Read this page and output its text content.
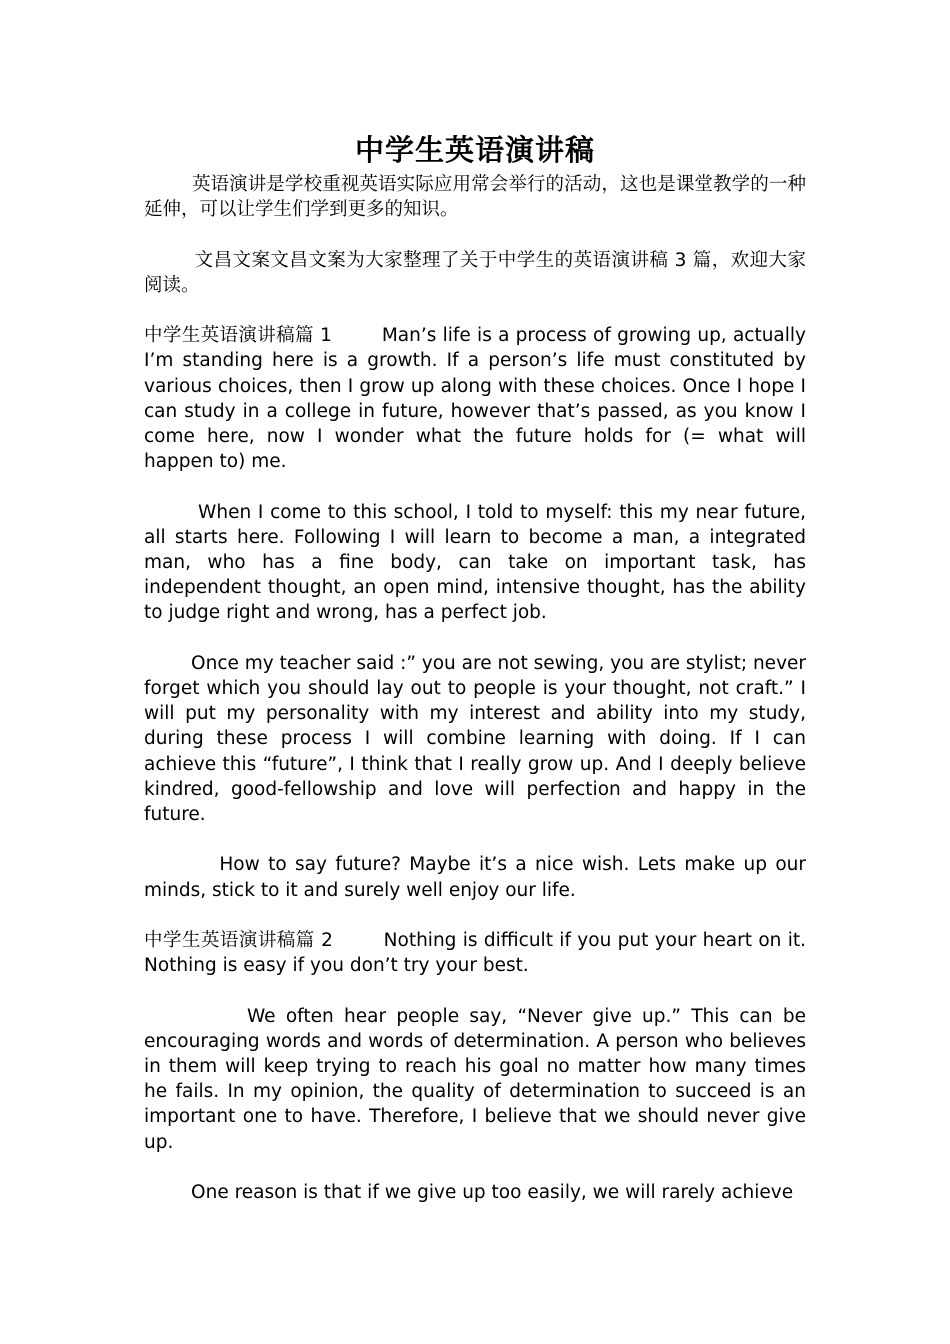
中学生英语演讲稿

英语演讲是学校重视英语实际应用常会举行的活动，这也是课堂教学的一种延伸，可以让学生们学到更多的知识。

文昌文案文昌文案为大家整理了关于中学生的英语演讲稿 3 篇，欢迎大家阅读。

中学生英语演讲稿篇 1        Man’s life is a process of growing up, actually I’m standing here is a growth. If a person’s life must constituted by various choices, then I grow up along with these choices. Once I hope I can study in a college in future, however that’s passed, as you know I come here, now I wonder what the future holds for (= what will happen to) me.

When I come to this school, I told to myself: this my near future, all starts here. Following I will learn to become a man, a integrated man, who has a fine body, can take on important task, has independent thought, an open mind, intensive thought, has the ability to judge right and wrong, has a perfect job.

Once my teacher said :” you are not sewing, you are stylist; never forget which you should lay out to people is your thought, not craft.” I will put my personality with my interest and ability into my study, during these process I will combine learning with doing. If I can achieve this “future”, I think that I really grow up. And I deeply believe kindred, good-fellowship and love will perfection and happy in the future.

How to say future? Maybe it’s a nice wish. Lets make up our minds, stick to it and surely well enjoy our life.

中学生英语演讲稿篇 2        Nothing is difficult if you put your heart on it. Nothing is easy if you don’t try your best.

We often hear people say, “Never give up.” This can be encouraging words and words of determination. A person who believes in them will keep trying to reach his goal no matter how many times he fails. In my opinion, the quality of determination to succeed is an important one to have. Therefore, I believe that we should never give up.

One reason is that if we give up too easily, we will rarely achieve
